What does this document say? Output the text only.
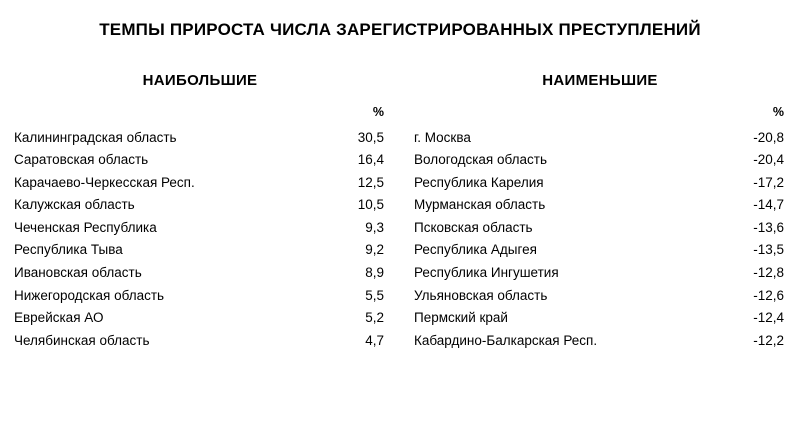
ТЕМПЫ ПРИРОСТА ЧИСЛА ЗАРЕГИСТРИРОВАННЫХ ПРЕСТУПЛЕНИЙ
НАИБОЛЬШИЕ
	%
Калининградская область	30,5
Саратовская область	16,4
Карачаево-Черкесская Респ.	12,5
Калужская область	10,5
Чеченская Республика	9,3
Республика Тыва	9,2
Ивановская область	8,9
Нижегородская область	5,5
Еврейская АО	5,2
Челябинская область	4,7
НАИМЕНЬШИЕ
	%
г. Москва	-20,8
Вологодская область	-20,4
Республика Карелия	-17,2
Мурманская область	-14,7
Псковская область	-13,6
Республика Адыгея	-13,5
Республика Ингушетия	-12,8
Ульяновская область	-12,6
Пермский край	-12,4
Кабардино-Балкарская Респ.	-12,2
